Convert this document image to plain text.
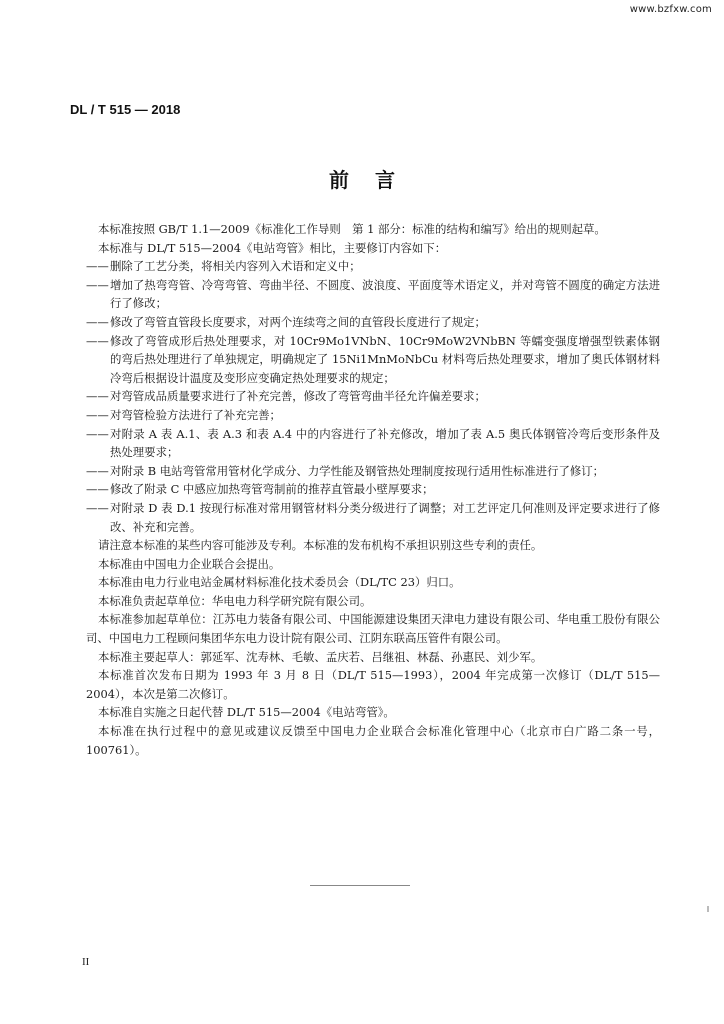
www.bzfxw.com
DL / T 515 — 2018
前言

本标准按照 GB/T 1.1—2009《标准化工作导则　第 1 部分：标准的结构和编写》给出的规则起草。

本标准与 DL/T 515—2004《电站弯管》相比，主要修订内容如下：

—— 删除了工艺分类，将相关内容列入术语和定义中；
—— 增加了热弯弯管、冷弯弯管、弯曲半径、不圆度、波浪度、平面度等术语定义，并对弯管不圆度的确定方法进行了修改；
—— 修改了弯管直管段长度要求，对两个连续弯之间的直管段长度进行了规定；
—— 修改了弯管成形后热处理要求，对 10Cr9Mo1VNbN、10Cr9MoW2VNbBN 等蠕变强度增强型铁素体钢的弯后热处理进行了单独规定，明确规定了 15Ni1MnMoNbCu 材料弯后热处理要求，增加了奥氏体钢材料冷弯后根据设计温度及变形应变确定热处理要求的规定；
—— 对弯管成品质量要求进行了补充完善，修改了弯管弯曲半径允许偏差要求；
—— 对弯管检验方法进行了补充完善；
—— 对附录 A 表 A.1、表 A.3 和表 A.4 中的内容进行了补充修改，增加了表 A.5 奥氏体钢管冷弯后变形条件及热处理要求；
—— 对附录 B 电站弯管常用管材化学成分、力学性能及钢管热处理制度按现行适用性标准进行了修订；
—— 修改了附录 C 中感应加热弯管弯制前的推荐直管最小壁厚要求；
—— 对附录 D 表 D.1 按现行标准对常用钢管材料分类分级进行了调整；对工艺评定几何准则及评定要求进行了修改、补充和完善。

请注意本标准的某些内容可能涉及专利。本标准的发布机构不承担识别这些专利的责任。

本标准由中国电力企业联合会提出。

本标准由电力行业电站金属材料标准化技术委员会（DL/TC 23）归口。

本标准负责起草单位：华电电力科学研究院有限公司。

本标准参加起草单位：江苏电力装备有限公司、中国能源建设集团天津电力建设有限公司、华电重工股份有限公司、中国电力工程顾问集团华东电力设计院有限公司、江阴东联高压管件有限公司。

本标准主要起草人：郭延军、沈寿林、毛敏、孟庆若、吕继祖、林磊、孙惠民、刘少军。

本标准首次发布日期为 1993 年 3 月 8 日（DL/T 515—1993），2004 年完成第一次修订（DL/T 515—2004），本次是第二次修订。

本标准自实施之日起代替 DL/T 515—2004《电站弯管》。

本标准在执行过程中的意见或建议反馈至中国电力企业联合会标准化管理中心（北京市白广路二条一号，100761）。

II
